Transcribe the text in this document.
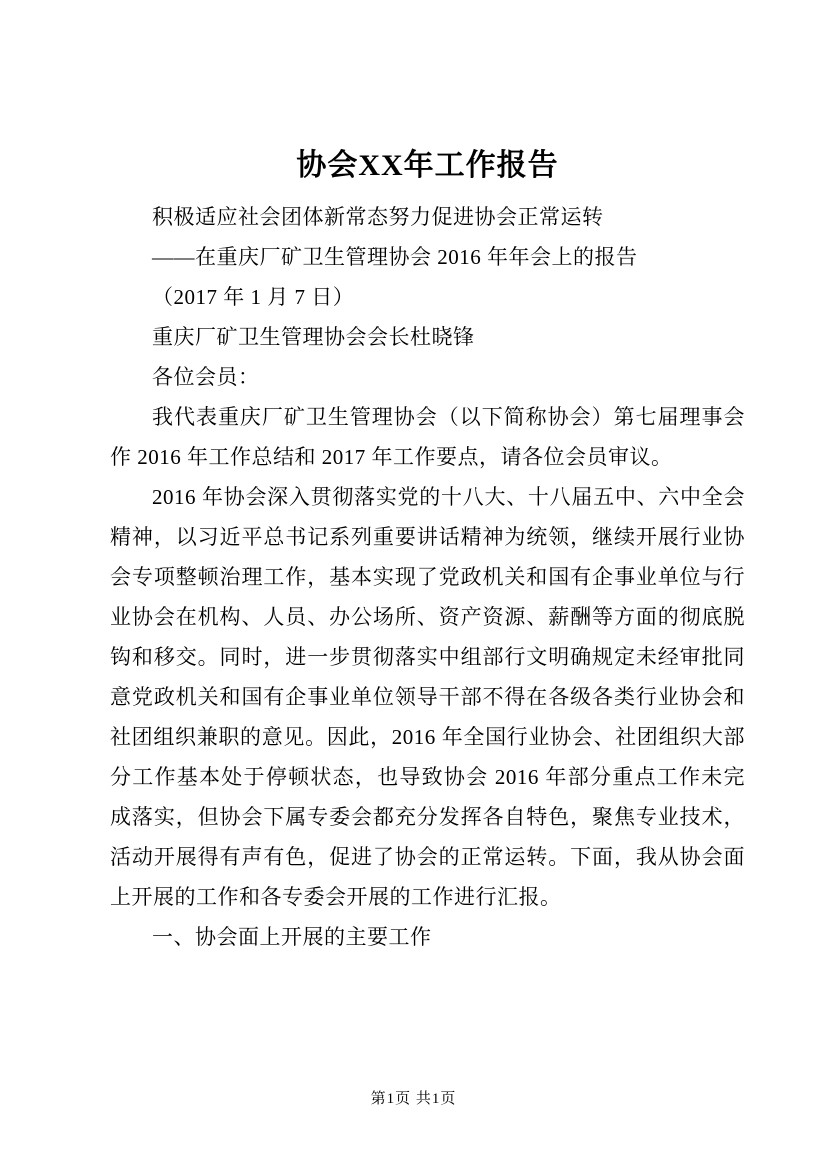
协会XX年工作报告

积极适应社会团体新常态努力促进协会正常运转

——在重庆厂矿卫生管理协会 2016 年年会上的报告

（2017 年 1 月 7 日）

重庆厂矿卫生管理协会会长杜晓锋

各位会员：

我代表重庆厂矿卫生管理协会（以下简称协会）第七届理事会作 2016 年工作总结和 2017 年工作要点，请各位会员审议。

2016 年协会深入贯彻落实党的十八大、十八届五中、六中全会精神，以习近平总书记系列重要讲话精神为统领，继续开展行业协会专项整顿治理工作，基本实现了党政机关和国有企事业单位与行业协会在机构、人员、办公场所、资产资源、薪酬等方面的彻底脱钩和移交。同时，进一步贯彻落实中组部行文明确规定未经审批同意党政机关和国有企事业单位领导干部不得在各级各类行业协会和社团组织兼职的意见。因此，2016 年全国行业协会、社团组织大部分工作基本处于停顿状态，也导致协会 2016 年部分重点工作未完成落实，但协会下属专委会都充分发挥各自特色，聚焦专业技术，活动开展得有声有色，促进了协会的正常运转。下面，我从协会面上开展的工作和各专委会开展的工作进行汇报。

一、协会面上开展的主要工作

第1页 共1页
